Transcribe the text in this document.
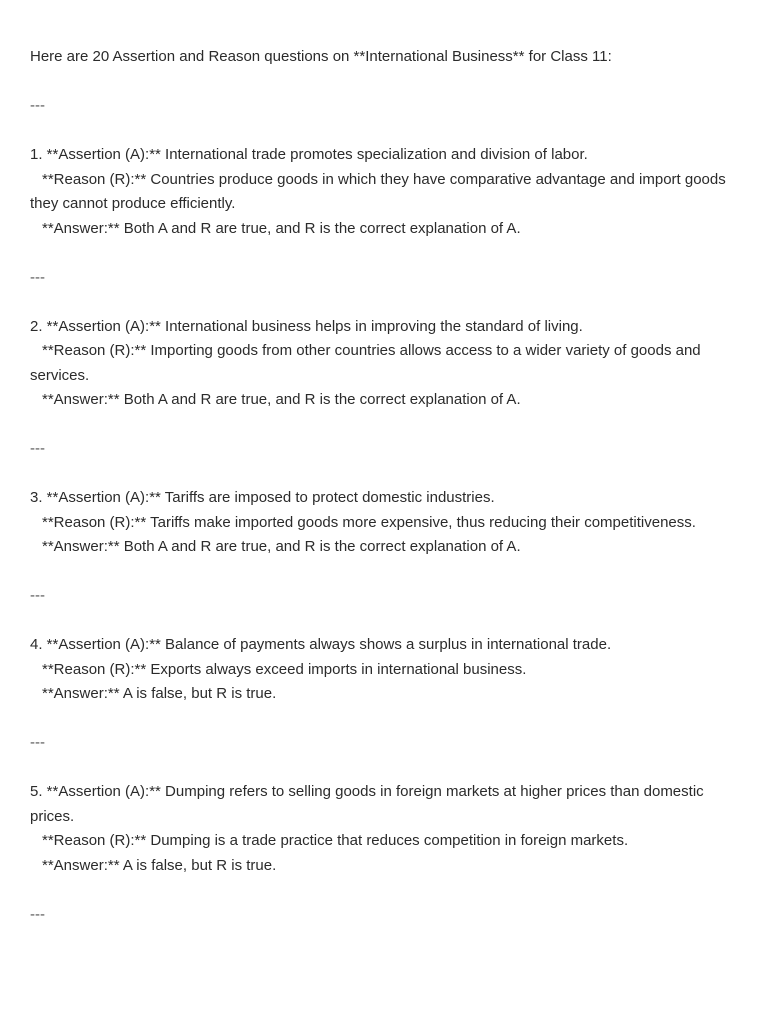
Here are 20 Assertion and Reason questions on **International Business** for Class 11:

---

1. **Assertion (A):** International trade promotes specialization and division of labor.

**Reason (R):** Countries produce goods in which they have comparative advantage and import goods they cannot produce efficiently.

**Answer:** Both A and R are true, and R is the correct explanation of A.

---

2. **Assertion (A):** International business helps in improving the standard of living.

**Reason (R):** Importing goods from other countries allows access to a wider variety of goods and services.

**Answer:** Both A and R are true, and R is the correct explanation of A.

---

3. **Assertion (A):** Tariffs are imposed to protect domestic industries.

**Reason (R):** Tariffs make imported goods more expensive, thus reducing their competitiveness.

**Answer:** Both A and R are true, and R is the correct explanation of A.

---

4. **Assertion (A):** Balance of payments always shows a surplus in international trade.

**Reason (R):** Exports always exceed imports in international business.

**Answer:** A is false, but R is true.

---

5. **Assertion (A):** Dumping refers to selling goods in foreign markets at higher prices than domestic prices.

**Reason (R):** Dumping is a trade practice that reduces competition in foreign markets.

**Answer:** A is false, but R is true.

---
